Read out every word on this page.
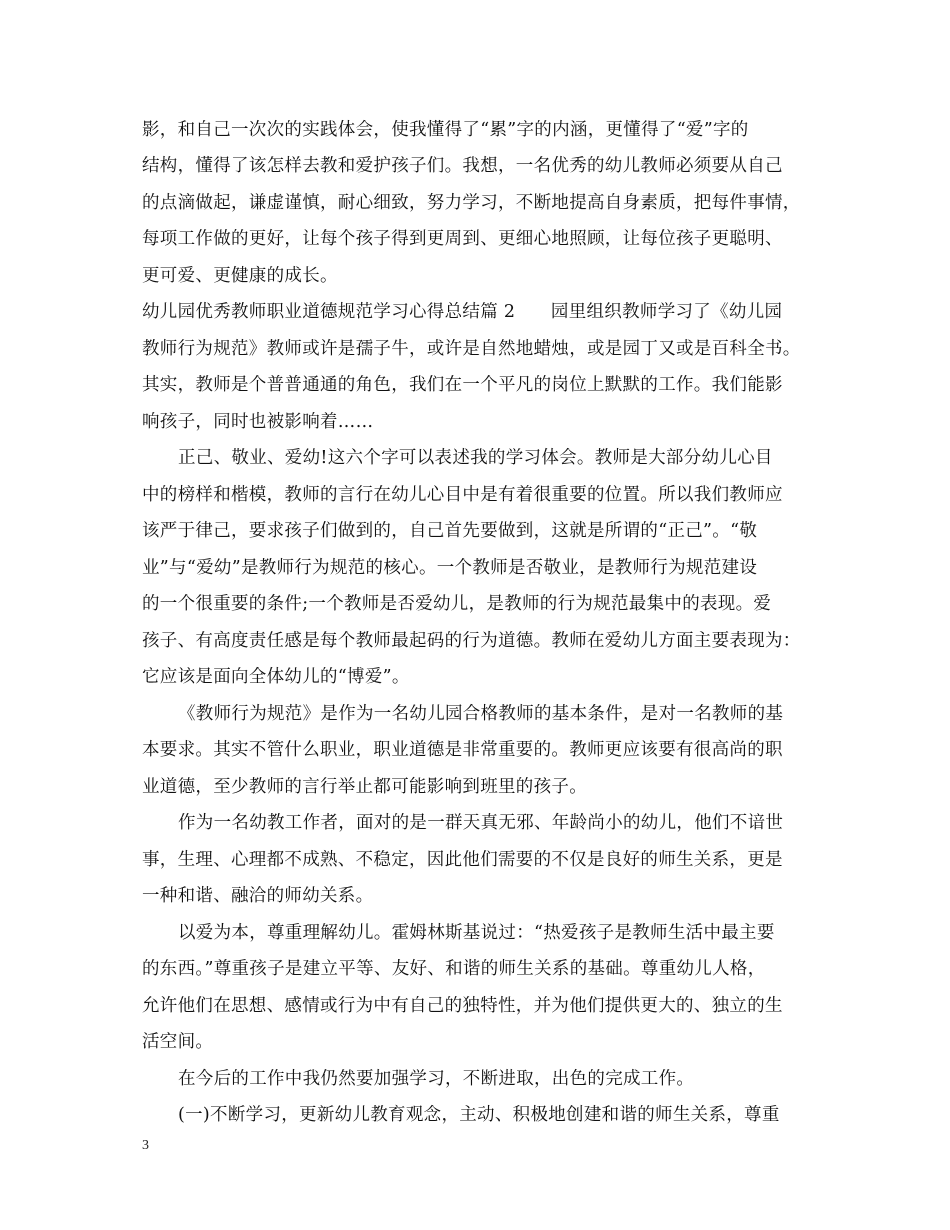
影，和自己一次次的实践体会，使我懂得了“累”字的内涵，更懂得了“爱”字的
结构，懂得了该怎样去教和爱护孩子们。我想，一名优秀的幼儿教师必须要从自己
的点滴做起，谦虚谨慎，耐心细致，努力学习，不断地提高自身素质，把每件事情，
每项工作做的更好，让每个孩子得到更周到、更细心地照顾，让每位孩子更聪明、
更可爱、更健康的成长。
幼儿园优秀教师职业道德规范学习心得总结篇 2　　园里组织教师学习了《幼儿园
教师行为规范》教师或许是孺子牛，或许是自然地蜡烛，或是园丁又或是百科全书。
其实，教师是个普普通通的角色，我们在一个平凡的岗位上默默的工作。我们能影
响孩子，同时也被影响着……
正己、敬业、爱幼!这六个字可以表述我的学习体会。教师是大部分幼儿心目
中的榜样和楷模，教师的言行在幼儿心目中是有着很重要的位置。所以我们教师应
该严于律己，要求孩子们做到的，自己首先要做到，这就是所谓的“正己”。“敬
业”与“爱幼”是教师行为规范的核心。一个教师是否敬业，是教师行为规范建设
的一个很重要的条件;一个教师是否爱幼儿，是教师的行为规范最集中的表现。爱
孩子、有高度责任感是每个教师最起码的行为道德。教师在爱幼儿方面主要表现为：
它应该是面向全体幼儿的“博爱”。
《教师行为规范》是作为一名幼儿园合格教师的基本条件，是对一名教师的基
本要求。其实不管什么职业，职业道德是非常重要的。教师更应该要有很高尚的职
业道德，至少教师的言行举止都可能影响到班里的孩子。
作为一名幼教工作者，面对的是一群天真无邪、年龄尚小的幼儿，他们不谙世
事，生理、心理都不成熟、不稳定，因此他们需要的不仅是良好的师生关系，更是
一种和谐、融洽的师幼关系。
以爱为本，尊重理解幼儿。霍姆林斯基说过：“热爱孩子是教师生活中最主要
的东西。”尊重孩子是建立平等、友好、和谐的师生关系的基础。尊重幼儿人格，
允许他们在思想、感情或行为中有自己的独特性，并为他们提供更大的、独立的生
活空间。
在今后的工作中我仍然要加强学习，不断进取，出色的完成工作。
(一)不断学习，更新幼儿教育观念，主动、积极地创建和谐的师生关系，尊重
3
